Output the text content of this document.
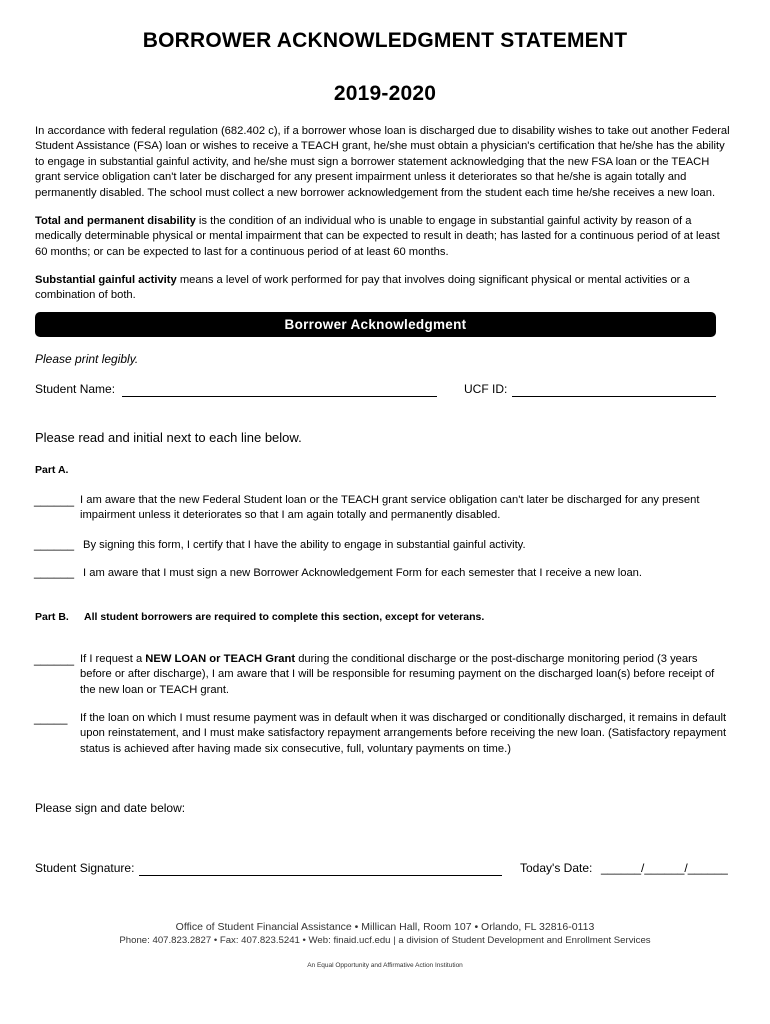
BORROWER ACKNOWLEDGMENT STATEMENT
2019-2020
In accordance with federal regulation (682.402 c), if a borrower whose loan is discharged due to disability wishes to take out another Federal Student Assistance (FSA) loan or wishes to receive a TEACH grant, he/she must obtain a physician's certification that he/she has the ability to engage in substantial gainful activity, and he/she must sign a borrower statement acknowledging that the new FSA loan or the TEACH grant service obligation can't later be discharged for any present impairment unless it deteriorates so that he/she is again totally and permanently disabled. The school must collect a new borrower acknowledgement from the student each time he/she receives a new loan.
Total and permanent disability is the condition of an individual who is unable to engage in substantial gainful activity by reason of a medically determinable physical or mental impairment that can be expected to result in death; has lasted for a continuous period of at least 60 months; or can be expected to last for a continuous period of at least 60 months.
Substantial gainful activity means a level of work performed for pay that involves doing significant physical or mental activities or a combination of both.
Borrower Acknowledgment
Please print legibly.
Student Name:	UCF ID:
Please read and initial next to each line below.
Part A.
______ I am aware that the new Federal Student loan or the TEACH grant service obligation can't later be discharged for any present impairment unless it deteriorates so that I am again totally and permanently disabled.
______ By signing this form, I certify that I have the ability to engage in substantial gainful activity.
______ I am aware that I must sign a new Borrower Acknowledgement Form for each semester that I receive a new loan.
Part B. All student borrowers are required to complete this section, except for veterans.
______ If I request a NEW LOAN or TEACH Grant during the conditional discharge or the post-discharge monitoring period (3 years before or after discharge), I am aware that I will be responsible for resuming payment on the discharged loan(s) before receipt of the new loan or TEACH grant.
_____ If the loan on which I must resume payment was in default when it was discharged or conditionally discharged, it remains in default upon reinstatement, and I must make satisfactory repayment arrangements before receiving the new loan. (Satisfactory repayment status is achieved after having made six consecutive, full, voluntary payments on time.)
Please sign and date below:
Student Signature:	Today's Date: ______/______/______
Office of Student Financial Assistance • Millican Hall, Room 107 • Orlando, FL 32816-0113
Phone: 407.823.2827 • Fax: 407.823.5241 • Web: finaid.ucf.edu | a division of Student Development and Enrollment Services
An Equal Opportunity and Affirmative Action Institution
